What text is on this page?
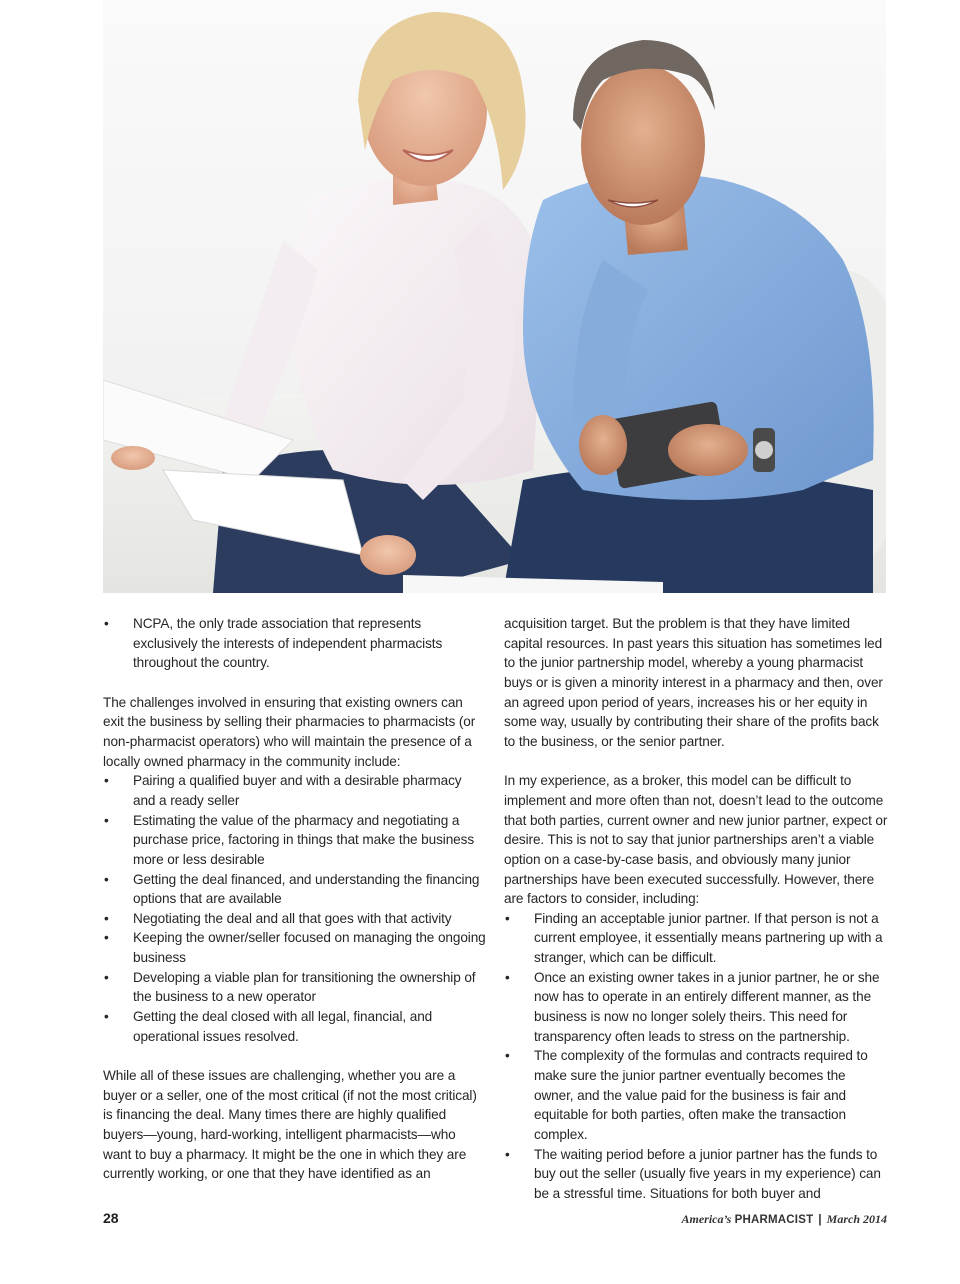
• NCPA, the only trade association that represents exclusively the interests of independent pharmacists throughout the country.

The challenges involved in ensuring that existing owners can exit the business by selling their pharmacies to pharmacists (or non-pharmacist operators) who will maintain the presence of a locally owned pharmacy in the community include:

• Pairing a qualified buyer and with a desirable pharmacy and a ready seller
• Estimating the value of the pharmacy and negotiating a purchase price, factoring in things that make the business more or less desirable
• Getting the deal financed, and understanding the financing options that are available
• Negotiating the deal and all that goes with that activity
• Keeping the owner/seller focused on managing the ongoing business
• Developing a viable plan for transitioning the ownership of the business to a new operator
• Getting the deal closed with all legal, financial, and operational issues resolved.

While all of these issues are challenging, whether you are a buyer or a seller, one of the most critical (if not the most critical) is financing the deal. Many times there are highly qualified buyers—young, hard-working, intelligent pharmacists—who want to buy a pharmacy. It might be the one in which they are currently working, or one that they have identified as an

acquisition target. But the problem is that they have limited capital resources. In past years this situation has sometimes led to the junior partnership model, whereby a young pharmacist buys or is given a minority interest in a pharmacy and then, over an agreed upon period of years, increases his or her equity in some way, usually by contributing their share of the profits back to the business, or the senior partner.

In my experience, as a broker, this model can be difficult to implement and more often than not, doesn’t lead to the outcome that both parties, current owner and new junior partner, expect or desire. This is not to say that junior partnerships aren’t a viable option on a case-by-case basis, and obviously many junior partnerships have been executed successfully. However, there are factors to consider, including:

• Finding an acceptable junior partner. If that person is not a current employee, it essentially means partnering up with a stranger, which can be difficult.
• Once an existing owner takes in a junior partner, he or she now has to operate in an entirely different manner, as the business is now no longer solely theirs. This need for transparency often leads to stress on the partnership.
• The complexity of the formulas and contracts required to make sure the junior partner eventually becomes the owner, and the value paid for the business is fair and equitable for both parties, often make the transaction complex.
• The waiting period before a junior partner has the funds to buy out the seller (usually five years in my experience) can be a stressful time. Situations for both buyer and
28	America’s PHARMACIST | March 2014
